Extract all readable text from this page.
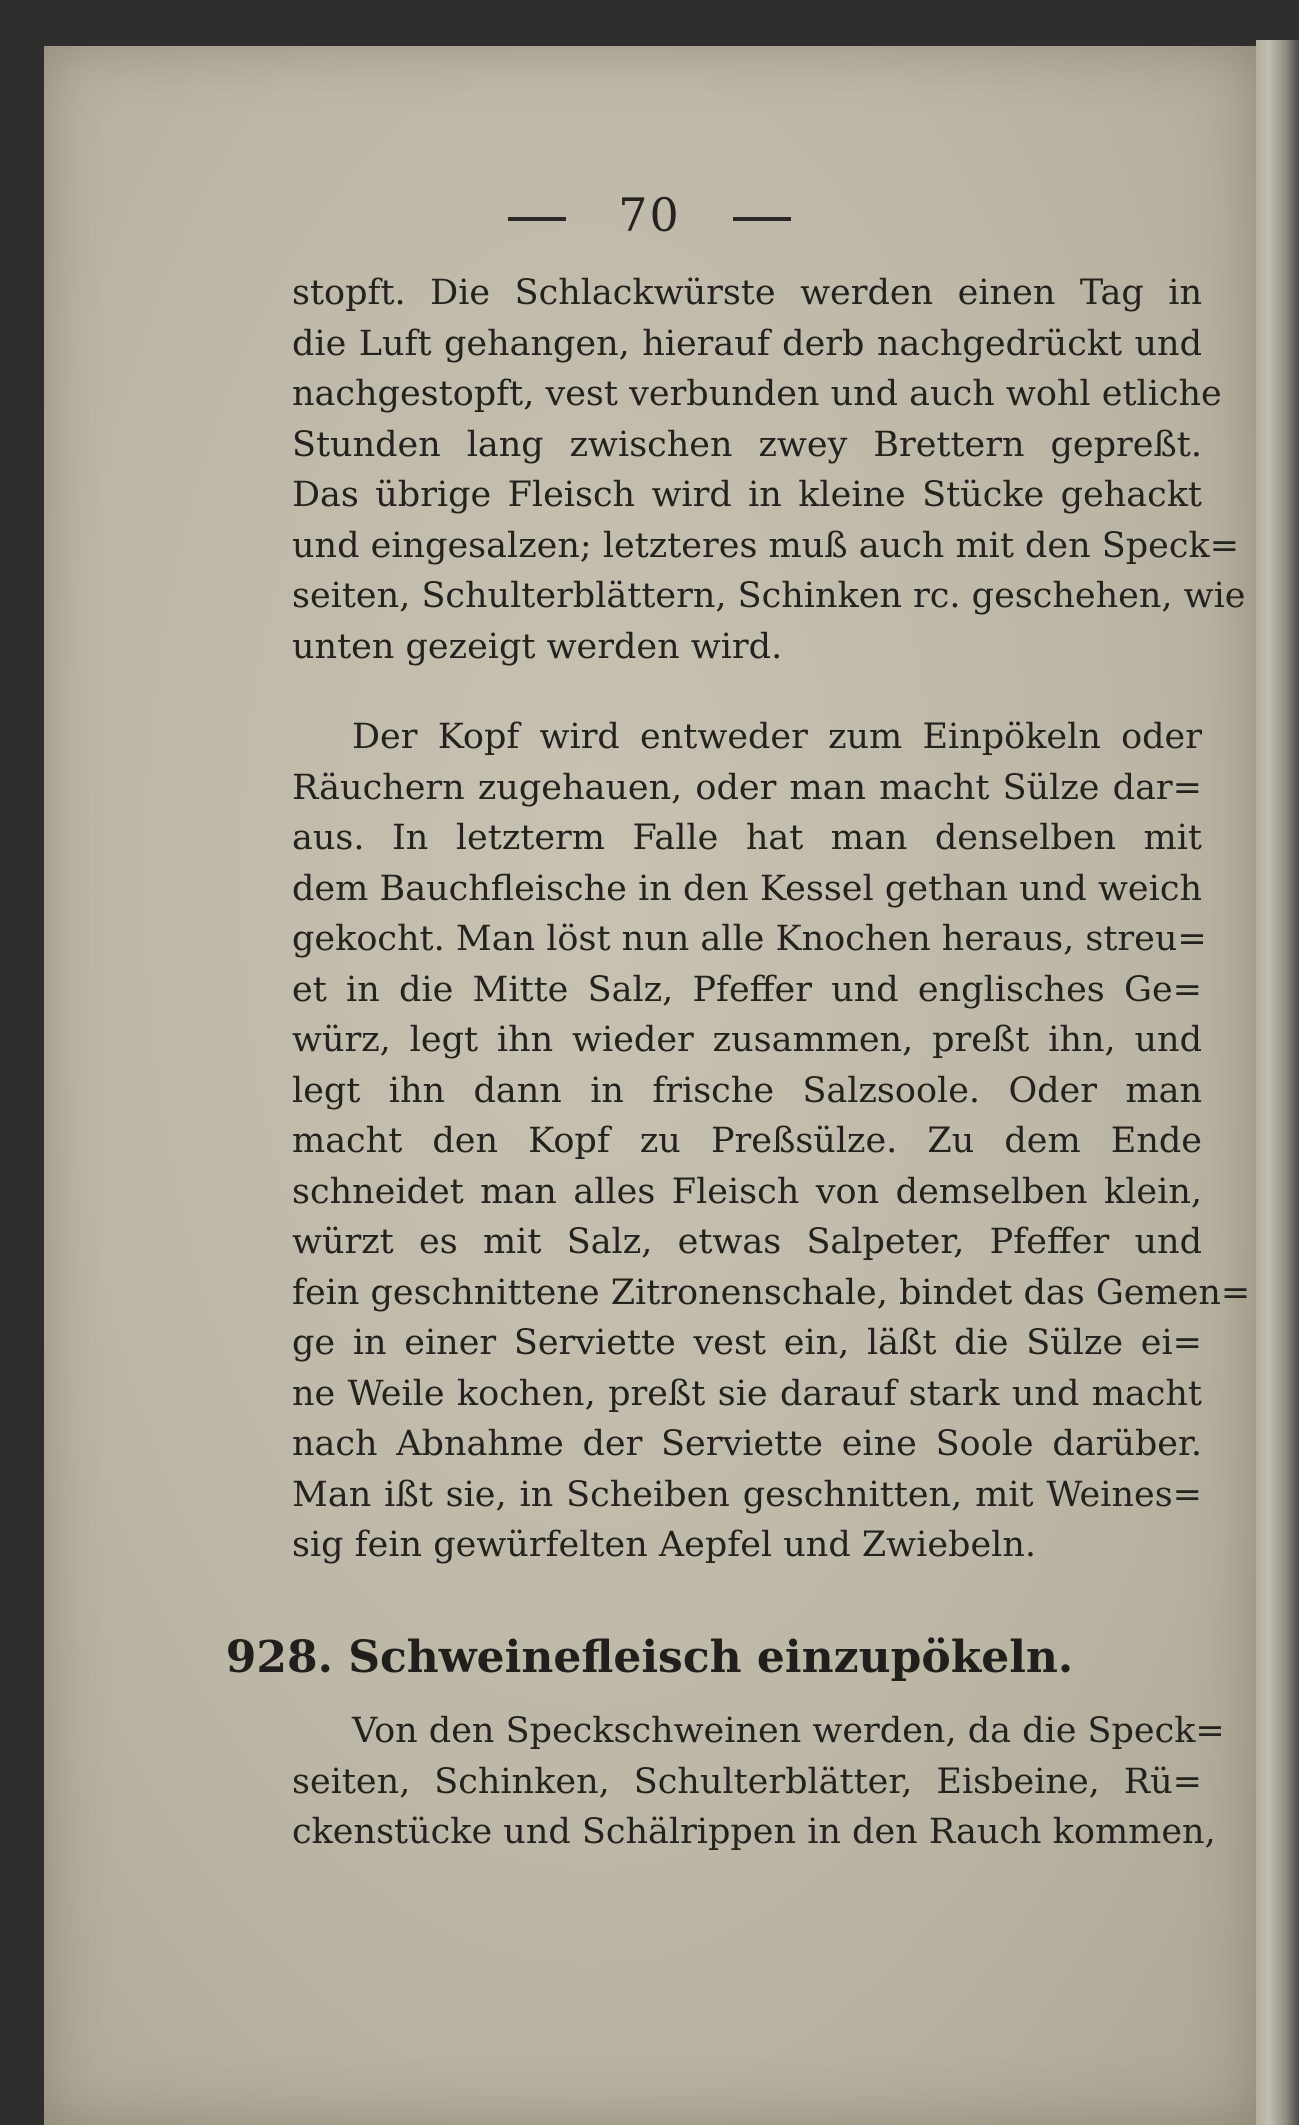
70
stopft. Die Schlackwürste werden einen Tag in
die Luft gehangen, hierauf derb nachgedrückt und
nachgestopft, vest verbunden und auch wohl etliche
Stunden lang zwischen zwey Brettern gepreßt.
Das übrige Fleisch wird in kleine Stücke gehackt
und eingesalzen; letzteres muß auch mit den Speck=
seiten, Schulterblättern, Schinken rc. geschehen, wie
unten gezeigt werden wird.
Der Kopf wird entweder zum Einpökeln oder
Räuchern zugehauen, oder man macht Sülze dar=
aus. In letzterm Falle hat man denselben mit
dem Bauchfleische in den Kessel gethan und weich
gekocht. Man löst nun alle Knochen heraus, streu=
et in die Mitte Salz, Pfeffer und englisches Ge=
würz, legt ihn wieder zusammen, preßt ihn, und
legt ihn dann in frische Salzsoole. Oder man
macht den Kopf zu Preßsülze. Zu dem Ende
schneidet man alles Fleisch von demselben klein,
würzt es mit Salz, etwas Salpeter, Pfeffer und
fein geschnittene Zitronenschale, bindet das Gemen=
ge in einer Serviette vest ein, läßt die Sülze ei=
ne Weile kochen, preßt sie darauf stark und macht
nach Abnahme der Serviette eine Soole darüber.
Man ißt sie, in Scheiben geschnitten, mit Weines=
sig fein gewürfelten Aepfel und Zwiebeln.
928. Schweinefleisch einzupökeln.
Von den Speckschweinen werden, da die Speck=
seiten, Schinken, Schulterblätter, Eisbeine, Rü=
ckenstücke und Schälrippen in den Rauch kommen,
